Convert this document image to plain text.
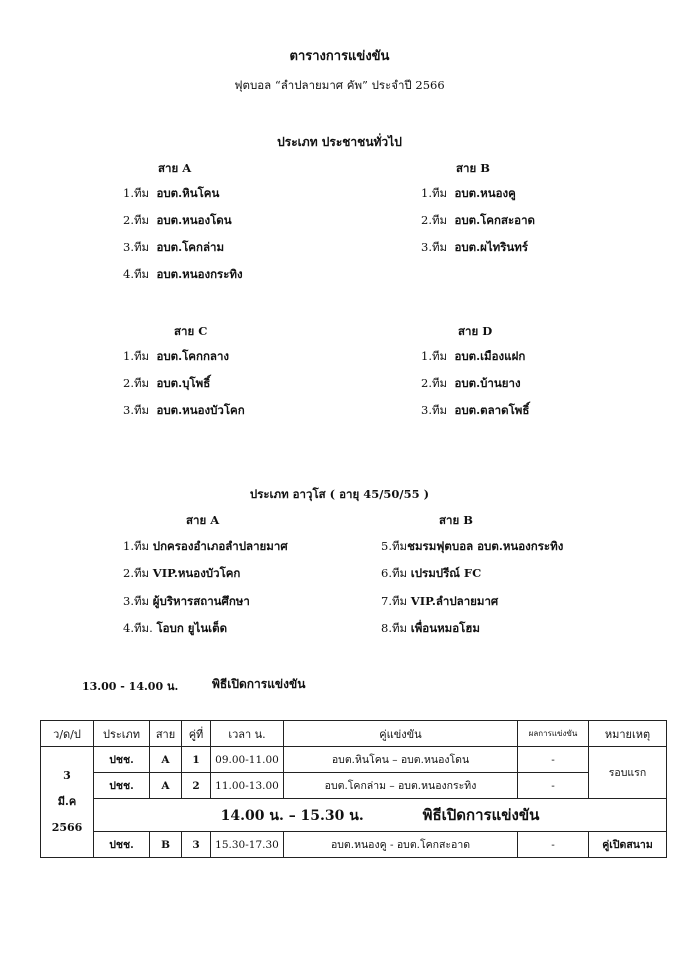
ตารางการแข่งขัน
ฟุตบอล “ลำปลายมาศ คัพ” ประจำปี 2566
ประเภท ประชาชนทั่วไป
สาย A
1.ทีม อบต.หินโคน
2.ทีม อบต.หนองโดน
3.ทีม อบต.โคกล่าม
4.ทีม อบต.หนองกระทิง
สาย B
1.ทีม อบต.หนองคู
2.ทีม อบต.โคกสะอาด
3.ทีม อบต.ผไทรินทร์
สาย C
1.ทีม อบต.โคกกลาง
2.ทีม อบต.บุโพธิ์
3.ทีม อบต.หนองบัวโคก
สาย D
1.ทีม อบต.เมืองแฝก
2.ทีม อบต.บ้านยาง
3.ทีม อบต.ตลาดโพธิ์
ประเภท อาวุโส ( อายุ 45/50/55 )
สาย A
1.ทีม ปกครองอำเภอลำปลายมาศ
2.ทีม VIP.หนองบัวโคก
3.ทีม ผู้บริหารสถานศึกษา
4.ทีม. โอบก ยูไนเต็ด
สาย B
5.ทีมชมรมฟุตบอล อบต.หนองกระทิง
6.ทีม เปรมปรีณ์ FC
7.ทีม VIP.ลำปลายมาศ
8.ทีม เพื่อนหมอโฮม
13.00 - 14.00 น.	พิธีเปิดการแข่งขัน
ว/ด/ป	ประเภท	สาย	คู่ที่	เวลา น.	คู่แข่งขัน	ผลการแข่งขัน	หมายเหตุ
3
มี.ค
2566	ปชช.	A	1	09.00-11.00	อบต.หินโคน – อบต.หนองโดน	-	รอบแรก
	ปชช.	A	2	11.00-13.00	อบต.โคกล่าม – อบต.หนองกระทิง	-	
	14.00 น. – 15.30 น. พิธีเปิดการแข่งขัน						
	ปชช.	B	3	15.30-17.30	อบต.หนองคู - อบต.โคกสะอาด	-	คู่เปิดสนาม
